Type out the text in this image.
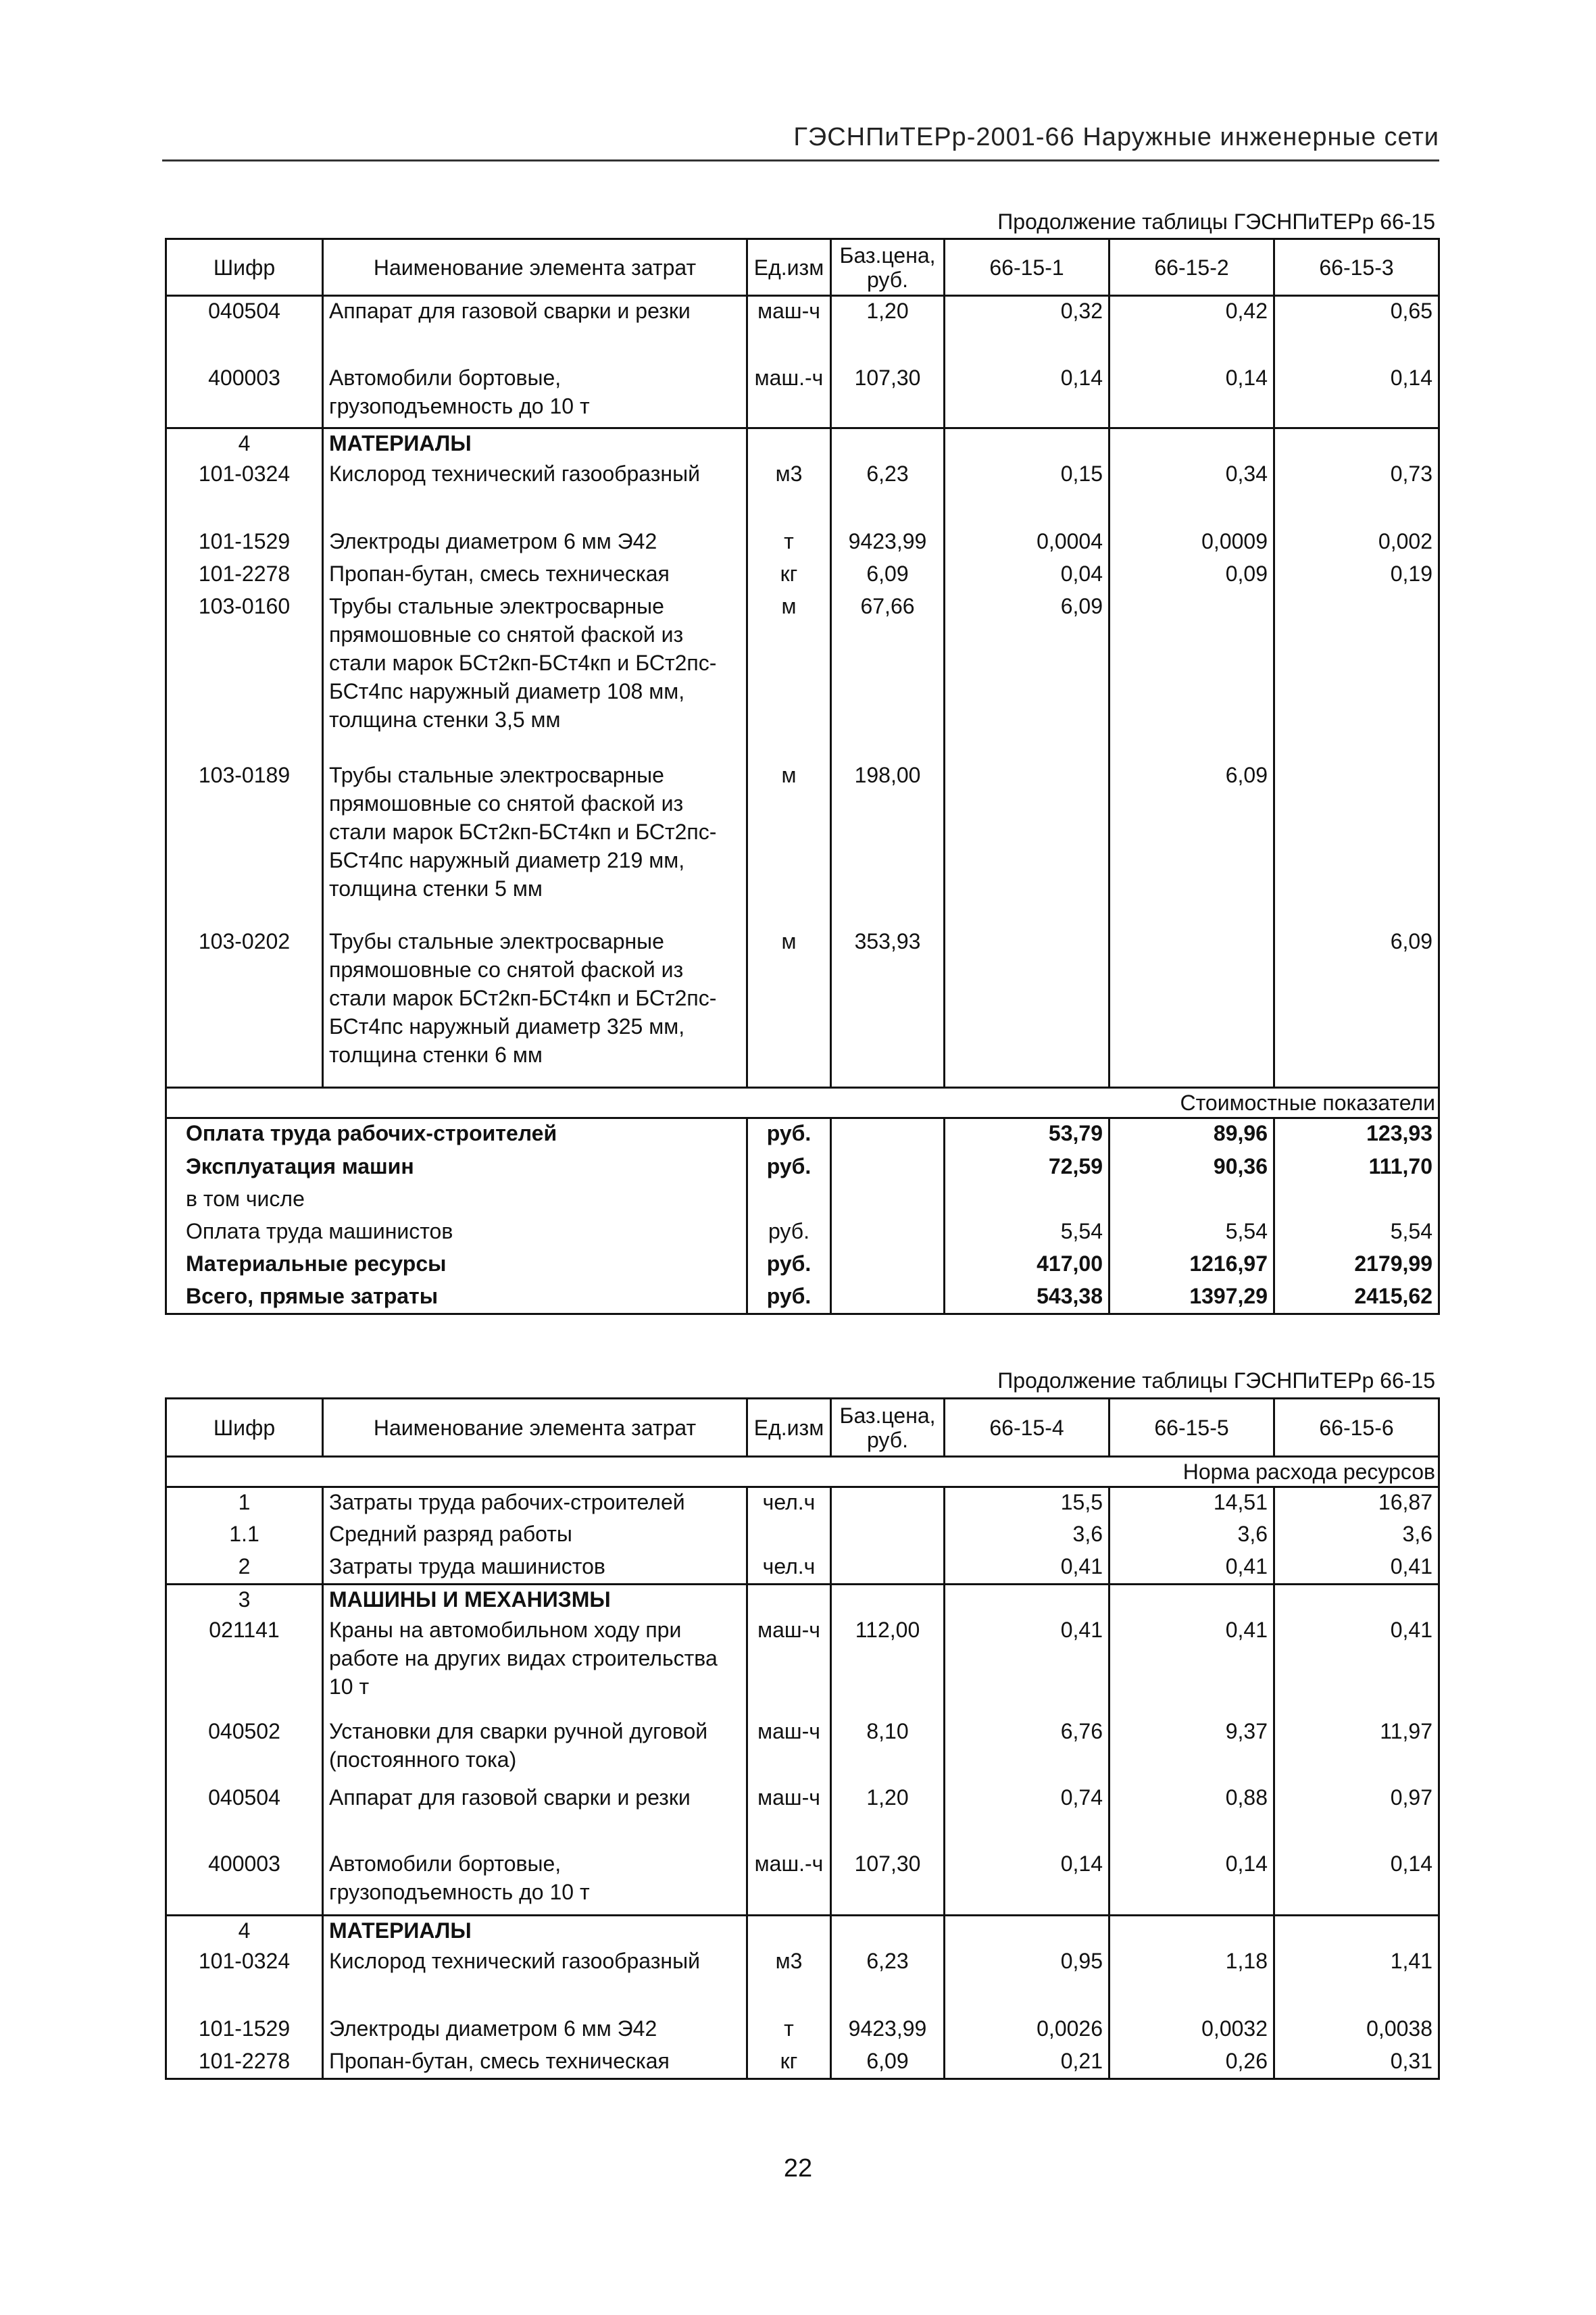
ГЭСНПиТЕРр-2001-66 Наружные инженерные сети
Продолжение таблицы ГЭСНПиТЕРр 66-15
Шифр	Наименование элемента затрат	Ед.изм	Баз.цена, руб.	66-15-1	66-15-2	66-15-3
040504	Аппарат для газовой сварки и резки	маш-ч	1,20	0,32	0,42	0,65
400003	Автомобили бортовые, грузоподъемность до 10 т	маш.-ч	107,30	0,14	0,14	0,14
4	МАТЕРИАЛЫ					
101-0324	Кислород технический газообразный	м3	6,23	0,15	0,34	0,73
101-1529	Электроды диаметром 6 мм Э42	т	9423,99	0,0004	0,0009	0,002
101-2278	Пропан-бутан, смесь техническая	кг	6,09	0,04	0,09	0,19
103-0160	Трубы стальные электросварные прямошовные со снятой фаской из стали марок БСт2кп-БСт4кп и БСт2пс-БСт4пс наружный диаметр 108 мм, толщина стенки 3,5 мм	м	67,66	6,09		
103-0189	Трубы стальные электросварные прямошовные со снятой фаской из стали марок БСт2кп-БСт4кп и БСт2пс-БСт4пс наружный диаметр 219 мм, толщина стенки 5 мм	м	198,00		6,09	
103-0202	Трубы стальные электросварные прямошовные со снятой фаской из стали марок БСт2кп-БСт4кп и БСт2пс-БСт4пс наружный диаметр 325 мм, толщина стенки 6 мм	м	353,93			6,09
Стоимостные показатели						
Оплата труда рабочих-строителей		руб.		53,79	89,96	123,93
Эксплуатация машин		руб.		72,59	90,36	111,70
в том числе						
Оплата труда машинистов		руб.		5,54	5,54	5,54
Материальные ресурсы		руб.		417,00	1216,97	2179,99
Всего, прямые затраты		руб.		543,38	1397,29	2415,62
Продолжение таблицы ГЭСНПиТЕРр 66-15
Шифр	Наименование элемента затрат	Ед.изм	Баз.цена, руб.	66-15-4	66-15-5	66-15-6
Норма расхода ресурсов						
1	Затраты труда рабочих-строителей	чел.ч		15,5	14,51	16,87
1.1	Средний разряд работы			3,6	3,6	3,6
2	Затраты труда машинистов	чел.ч		0,41	0,41	0,41
3	МАШИНЫ И МЕХАНИЗМЫ					
021141	Краны на автомобильном ходу при работе на других видах строительства 10 т	маш-ч	112,00	0,41	0,41	0,41
040502	Установки для сварки ручной дуговой (постоянного тока)	маш-ч	8,10	6,76	9,37	11,97
040504	Аппарат для газовой сварки и резки	маш-ч	1,20	0,74	0,88	0,97
400003	Автомобили бортовые, грузоподъемность до 10 т	маш.-ч	107,30	0,14	0,14	0,14
4	МАТЕРИАЛЫ					
101-0324	Кислород технический газообразный	м3	6,23	0,95	1,18	1,41
101-1529	Электроды диаметром 6 мм Э42	т	9423,99	0,0026	0,0032	0,0038
101-2278	Пропан-бутан, смесь техническая	кг	6,09	0,21	0,26	0,31
22
